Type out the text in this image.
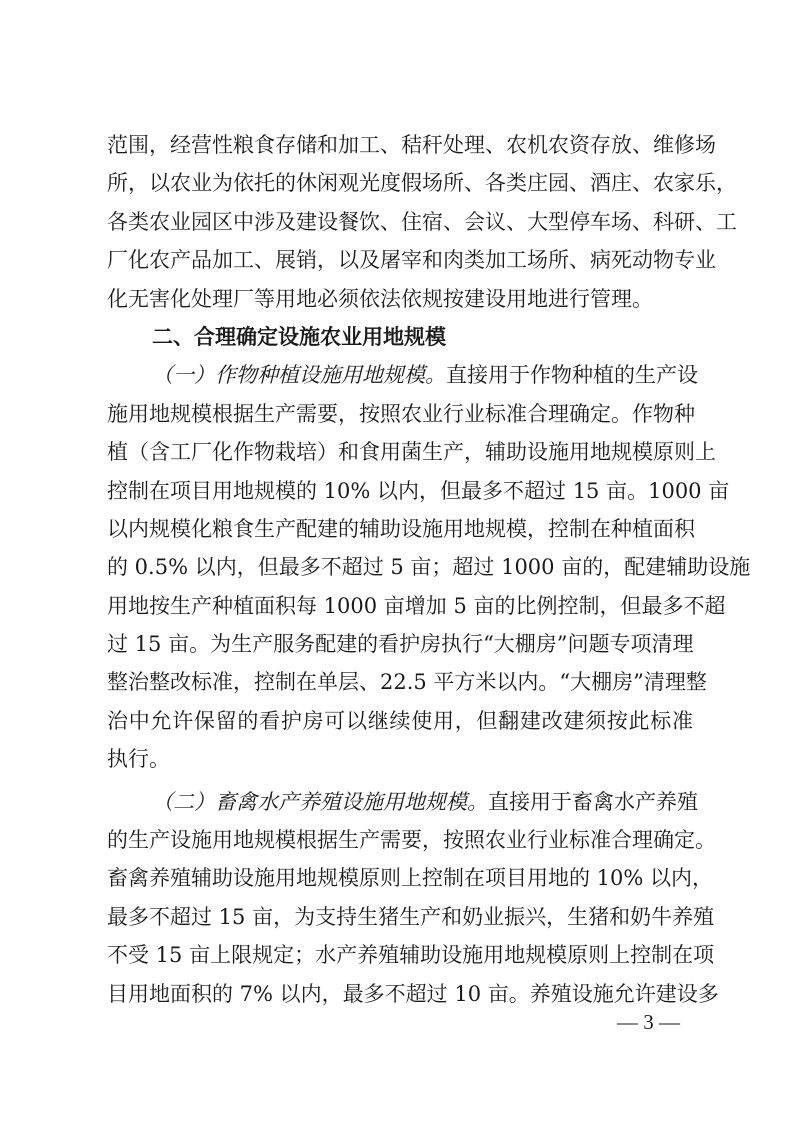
范围，经营性粮食存储和加工、秸秆处理、农机农资存放、维修场
所，以农业为依托的休闲观光度假场所、各类庄园、酒庄、农家乐，
各类农业园区中涉及建设餐饮、住宿、会议、大型停车场、科研、工
厂化农产品加工、展销，以及屠宰和肉类加工场所、病死动物专业
化无害化处理厂等用地必须依法依规按建设用地进行管理。
二、合理确定设施农业用地规模
（一）作物种植设施用地规模。直接用于作物种植的生产设
施用地规模根据生产需要，按照农业行业标准合理确定。作物种
植（含工厂化作物栽培）和食用菌生产，辅助设施用地规模原则上
控制在项目用地规模的 10% 以内，但最多不超过 15 亩。1000 亩
以内规模化粮食生产配建的辅助设施用地规模，控制在种植面积
的 0.5% 以内，但最多不超过 5 亩；超过 1000 亩的，配建辅助设施
用地按生产种植面积每 1000 亩增加 5 亩的比例控制，但最多不超
过 15 亩。为生产服务配建的看护房执行“大棚房”问题专项清理
整治整改标准，控制在单层、22.5 平方米以内。“大棚房”清理整
治中允许保留的看护房可以继续使用，但翻建改建须按此标准
执行。
（二）畜禽水产养殖设施用地规模。直接用于畜禽水产养殖
的生产设施用地规模根据生产需要，按照农业行业标准合理确定。
畜禽养殖辅助设施用地规模原则上控制在项目用地的 10% 以内，
最多不超过 15 亩，为支持生猪生产和奶业振兴，生猪和奶牛养殖
不受 15 亩上限规定；水产养殖辅助设施用地规模原则上控制在项
目用地面积的 7% 以内，最多不超过 10 亩。养殖设施允许建设多
— 3 —
